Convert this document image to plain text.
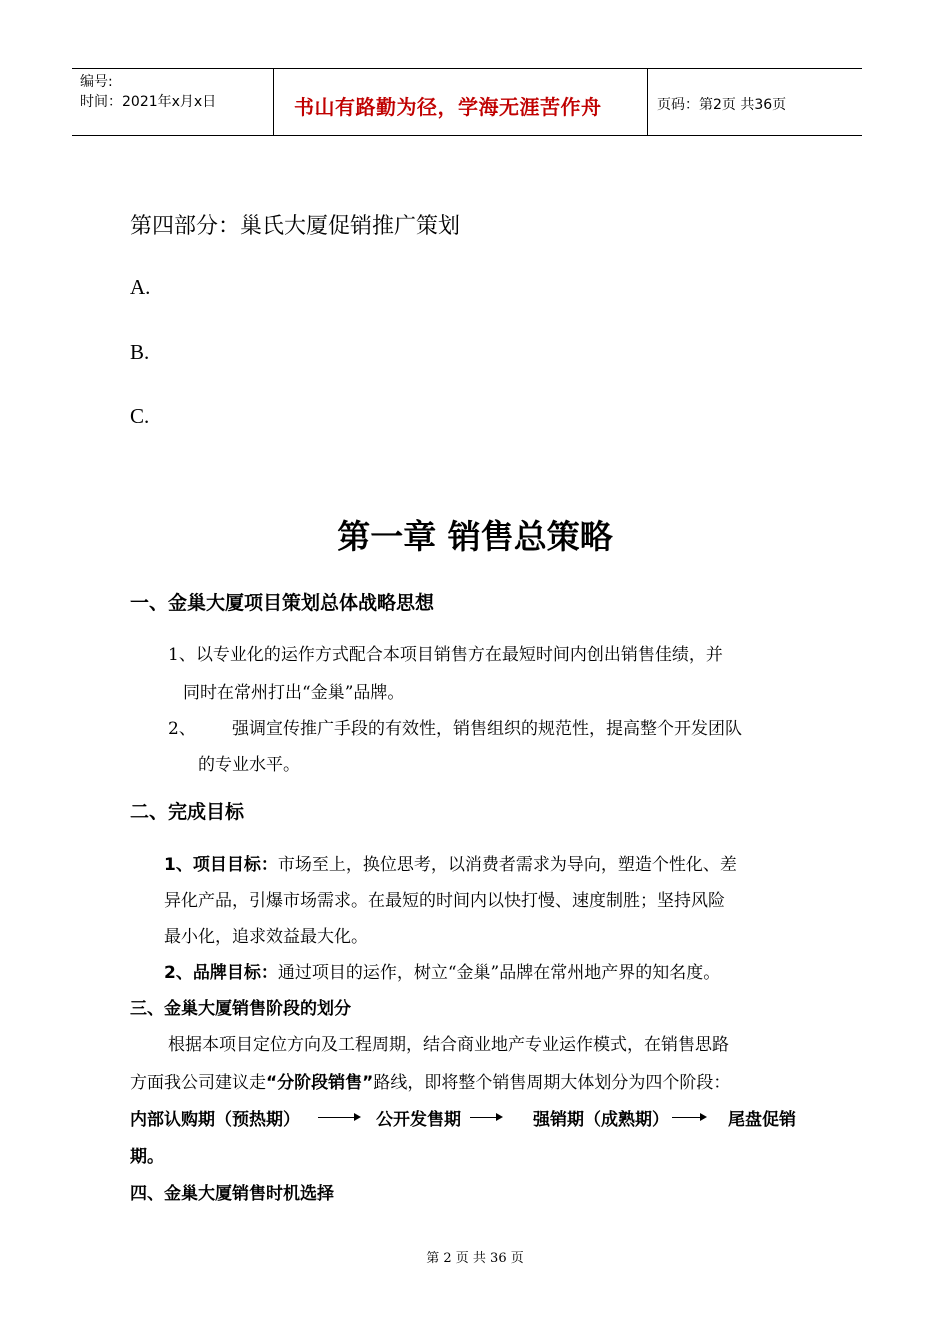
编号:
时间：2021年x月x日	书山有路勤为径，学海无涯苦作舟	页码：第2页 共36页
第四部分：巢氏大厦促销推广策划
A.
B.
C.
第一章 销售总策略
一、金巢大厦项目策划总体战略思想
1、以专业化的运作方式配合本项目销售方在最短时间内创出销售佳绩，并
同时在常州打出“金巢”品牌。
2、 强调宣传推广手段的有效性，销售组织的规范性，提高整个开发团队
的专业水平。
二、完成目标
1、项目目标：市场至上，换位思考，以消费者需求为导向，塑造个性化、差
异化产品，引爆市场需求。在最短的时间内以快打慢、速度制胜；坚持风险
最小化，追求效益最大化。
2、品牌目标：通过项目的运作，树立“金巢”品牌在常州地产界的知名度。
三、金巢大厦销售阶段的划分
根据本项目定位方向及工程周期，结合商业地产专业运作模式，在销售思路
方面我公司建议走“分阶段销售”路线，即将整个销售周期大体划分为四个阶段：
内部认购期（预热期）	公开发售期	强销期（成熟期）	尾盘促销
期。
四、金巢大厦销售时机选择
第 2 页 共 36 页
